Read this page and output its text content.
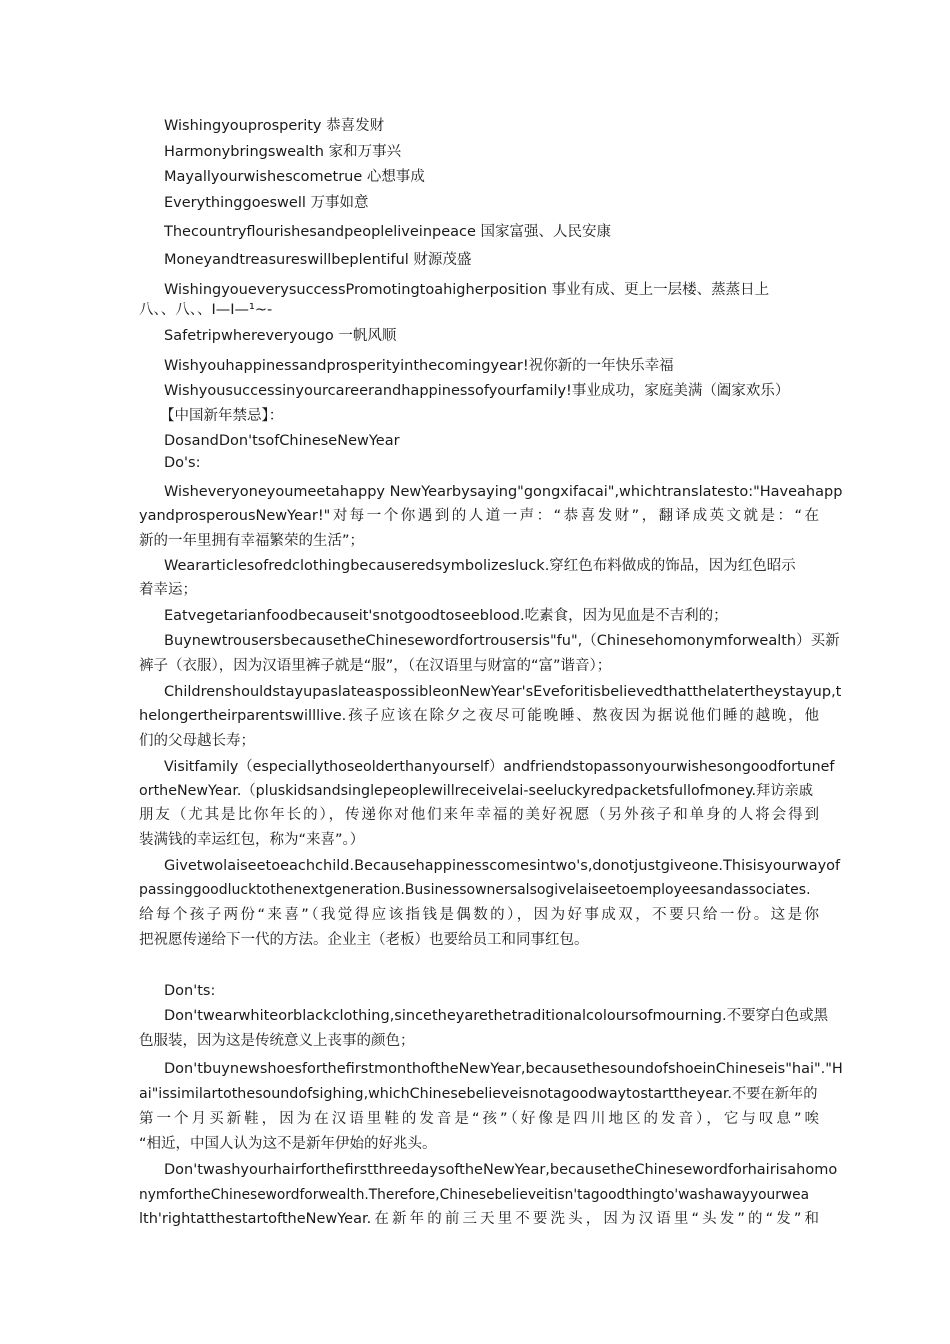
Wishingyouprosperity 恭喜发财
Harmonybringswealth 家和万事兴
Mayallyourwishescometrue 心想事成
Everythinggoeswell 万事如意
Thecountryflourishesandpeopleliveinpeace 国家富强、人民安康
Moneyandtreasureswillbeplentiful 财源茂盛
WishingyoueverysuccessPromotingtoahigherposition 事业有成、更上一层楼、蒸蒸日上
八、、八、、I—I—¹~-
Safetripwhereveryougo 一帆风顺
Wishyouhappinessandprosperityinthecomingyear!祝你新的一年快乐幸福
Wishyousuccessinyourcareerandhappinessofyourfamily!事业成功，家庭美满（阖家欢乐）
【中国新年禁忌】：
DosandDon'tsofChineseNewYear
Do's:
Wisheveryoneyoumeetahappy NewYearbysaying"gongxifacai",whichtranslatesto:"Haveahapp
yandprosperousNewYear!"对每一个你遇到的人道一声：“恭喜发财”，翻译成英文就是：“在
新的一年里拥有幸福繁荣的生活”；
Weararticlesofredclothingbecauseredsymbolizesluck.穿红色布料做成的饰品，因为红色昭示
着幸运；
Eatvegetarianfoodbecauseit'snotgoodtoseeblood.吃素食，因为见血是不吉利的；
BuynewtrousersbecausetheChinesewordfortrousersis"fu",（Chinesehomonymforwealth）买新
裤子（衣服），因为汉语里裤子就是“服”，（在汉语里与财富的“富”谐音）；
ChildrenshouldstayupaslateaspossibleonNewYear'sEveforitisbelievedthatthelatertheystayup,t
helongertheirparentswilllive.孩子应该在除夕之夜尽可能晚睡、熬夜因为据说他们睡的越晚，他
们的父母越长寿；
Visitfamily（especiallythoseolderthanyourself）andfriendstopassonyourwishesongoodfortunef
ortheNewYear.（pluskidsandsinglepeoplewillreceivelai-seeluckyredpacketsfullofmoney.拜访亲戚
朋友（尤其是比你年长的），传递你对他们来年幸福的美好祝愿（另外孩子和单身的人将会得到
装满钱的幸运红包，称为“来喜”。）
Givetwolaiseetoeachchild.Becausehappinesscomesintwo's,donotjustgiveone.Thisisyourwayof
passinggoodlucktothenextgeneration.Businessownersalsogivelaiseetoemployeesandassociates.
给每个孩子两份“来喜”（我觉得应该指钱是偶数的），因为好事成双，不要只给一份。这是你
把祝愿传递给下一代的方法。企业主（老板）也要给员工和同事红包。
Don'ts:
Don'twearwhiteorblackclothing,sincetheyarethetraditionalcoloursofmourning.不要穿白色或黑
色服装，因为这是传统意义上丧事的颜色；
Don'tbuynewshoesforthefirstmonthoftheNewYear,becausethesoundofshoeinChineseis"hai"."H
ai"issimilartothesoundofsighing,whichChinesebelieveisnotagoodwaytostarttheyear.不要在新年的
第一个月买新鞋，因为在汉语里鞋的发音是“孩”（好像是四川地区的发音），它与叹息”唉
“相近，中国人认为这不是新年伊始的好兆头。
Don'twashyourhairforthefirstthreedaysoftheNewYear,becausetheChinesewordforhairisahomo
nymfortheChinesewordforwealth.Therefore,Chinesebelieveitisn'tagoodthingto'washawayyourwea
lth'rightatthestartoftheNewYear.在新年的前三天里不要洗头，因为汉语里“头发”的“发”和
